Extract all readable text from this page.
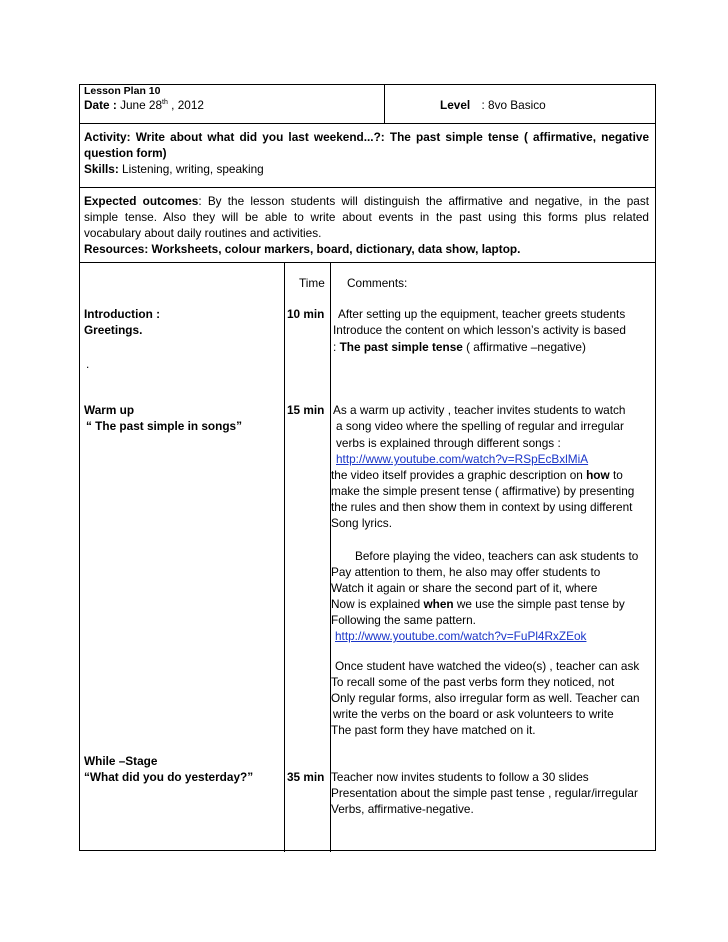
Lesson Plan 10
Date : June 28th , 2012	Level : 8vo Basico
Activity: Write about what did you last weekend...?: The past simple tense ( affirmative, negative
question form)
Skills: Listening, writing, speaking
Expected outcomes: By the lesson students will distinguish the affirmative and negative, in the past
simple tense. Also they will be able to write about events in the past using this forms plus related
vocabulary about daily routines and activities.
Resources: Worksheets, colour markers, board, dictionary, data show, laptop.
Time Comments:
Introduction :
Greetings.
.
10 min After setting up the equipment, teacher greets students
Introduce the content on which lesson’s activity is based
: The past simple tense ( affirmative –negative)
Warm up
“ The past simple in songs”
15 min As a warm up activity , teacher invites students to watch
a song video where the spelling of regular and irregular
verbs is explained through different songs :
http://www.youtube.com/watch?v=RSpEcBxlMiA
the video itself provides a graphic description on how to
make the simple present tense ( affirmative) by presenting
the rules and then show them in context by using different
Song lyrics.
Before playing the video, teachers can ask students to
Pay attention to them, he also may offer students to
Watch it again or share the second part of it, where
Now is explained when we use the simple past tense by
Following the same pattern.
http://www.youtube.com/watch?v=FuPl4RxZEok
Once student have watched the video(s) , teacher can ask
To recall some of the past verbs form they noticed, not
Only regular forms, also irregular form as well. Teacher can
write the verbs on the board or ask volunteers to write
The past form they have matched on it.
While –Stage
“What did you do yesterday?”	35 min Teacher now invites students to follow a 30 slides
Presentation about the simple past tense , regular/irregular
Verbs, affirmative-negative.
